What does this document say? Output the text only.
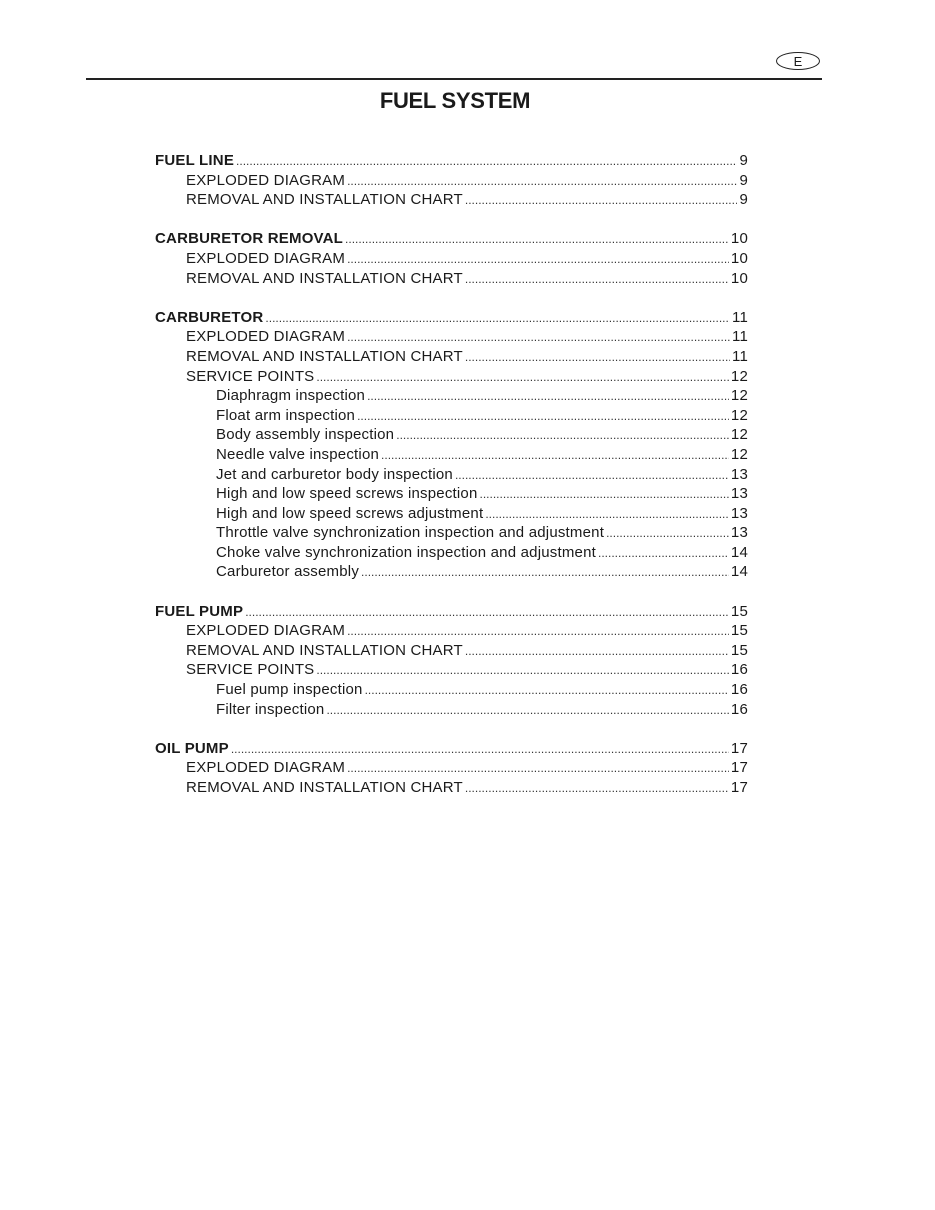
E
FUEL SYSTEM
FUEL LINE .....	9
EXPLODED DIAGRAM .....	9
REMOVAL AND INSTALLATION CHART .....	9
CARBURETOR REMOVAL .....	10
EXPLODED DIAGRAM .....	10
REMOVAL AND INSTALLATION CHART .....	10
CARBURETOR .....	11
EXPLODED DIAGRAM .....	11
REMOVAL AND INSTALLATION CHART .....	11
SERVICE POINTS .....	12
Diaphragm inspection .....	12
Float arm inspection .....	12
Body assembly inspection .....	12
Needle valve inspection .....	12
Jet and carburetor body inspection .....	13
High and low speed screws inspection .....	13
High and low speed screws adjustment .....	13
Throttle valve synchronization inspection and adjustment .....	13
Choke valve synchronization inspection and adjustment .....	14
Carburetor assembly .....	14
FUEL PUMP .....	15
EXPLODED DIAGRAM .....	15
REMOVAL AND INSTALLATION CHART .....	15
SERVICE POINTS .....	16
Fuel pump inspection .....	16
Filter inspection .....	16
OIL PUMP .....	17
EXPLODED DIAGRAM .....	17
REMOVAL AND INSTALLATION CHART .....	17
